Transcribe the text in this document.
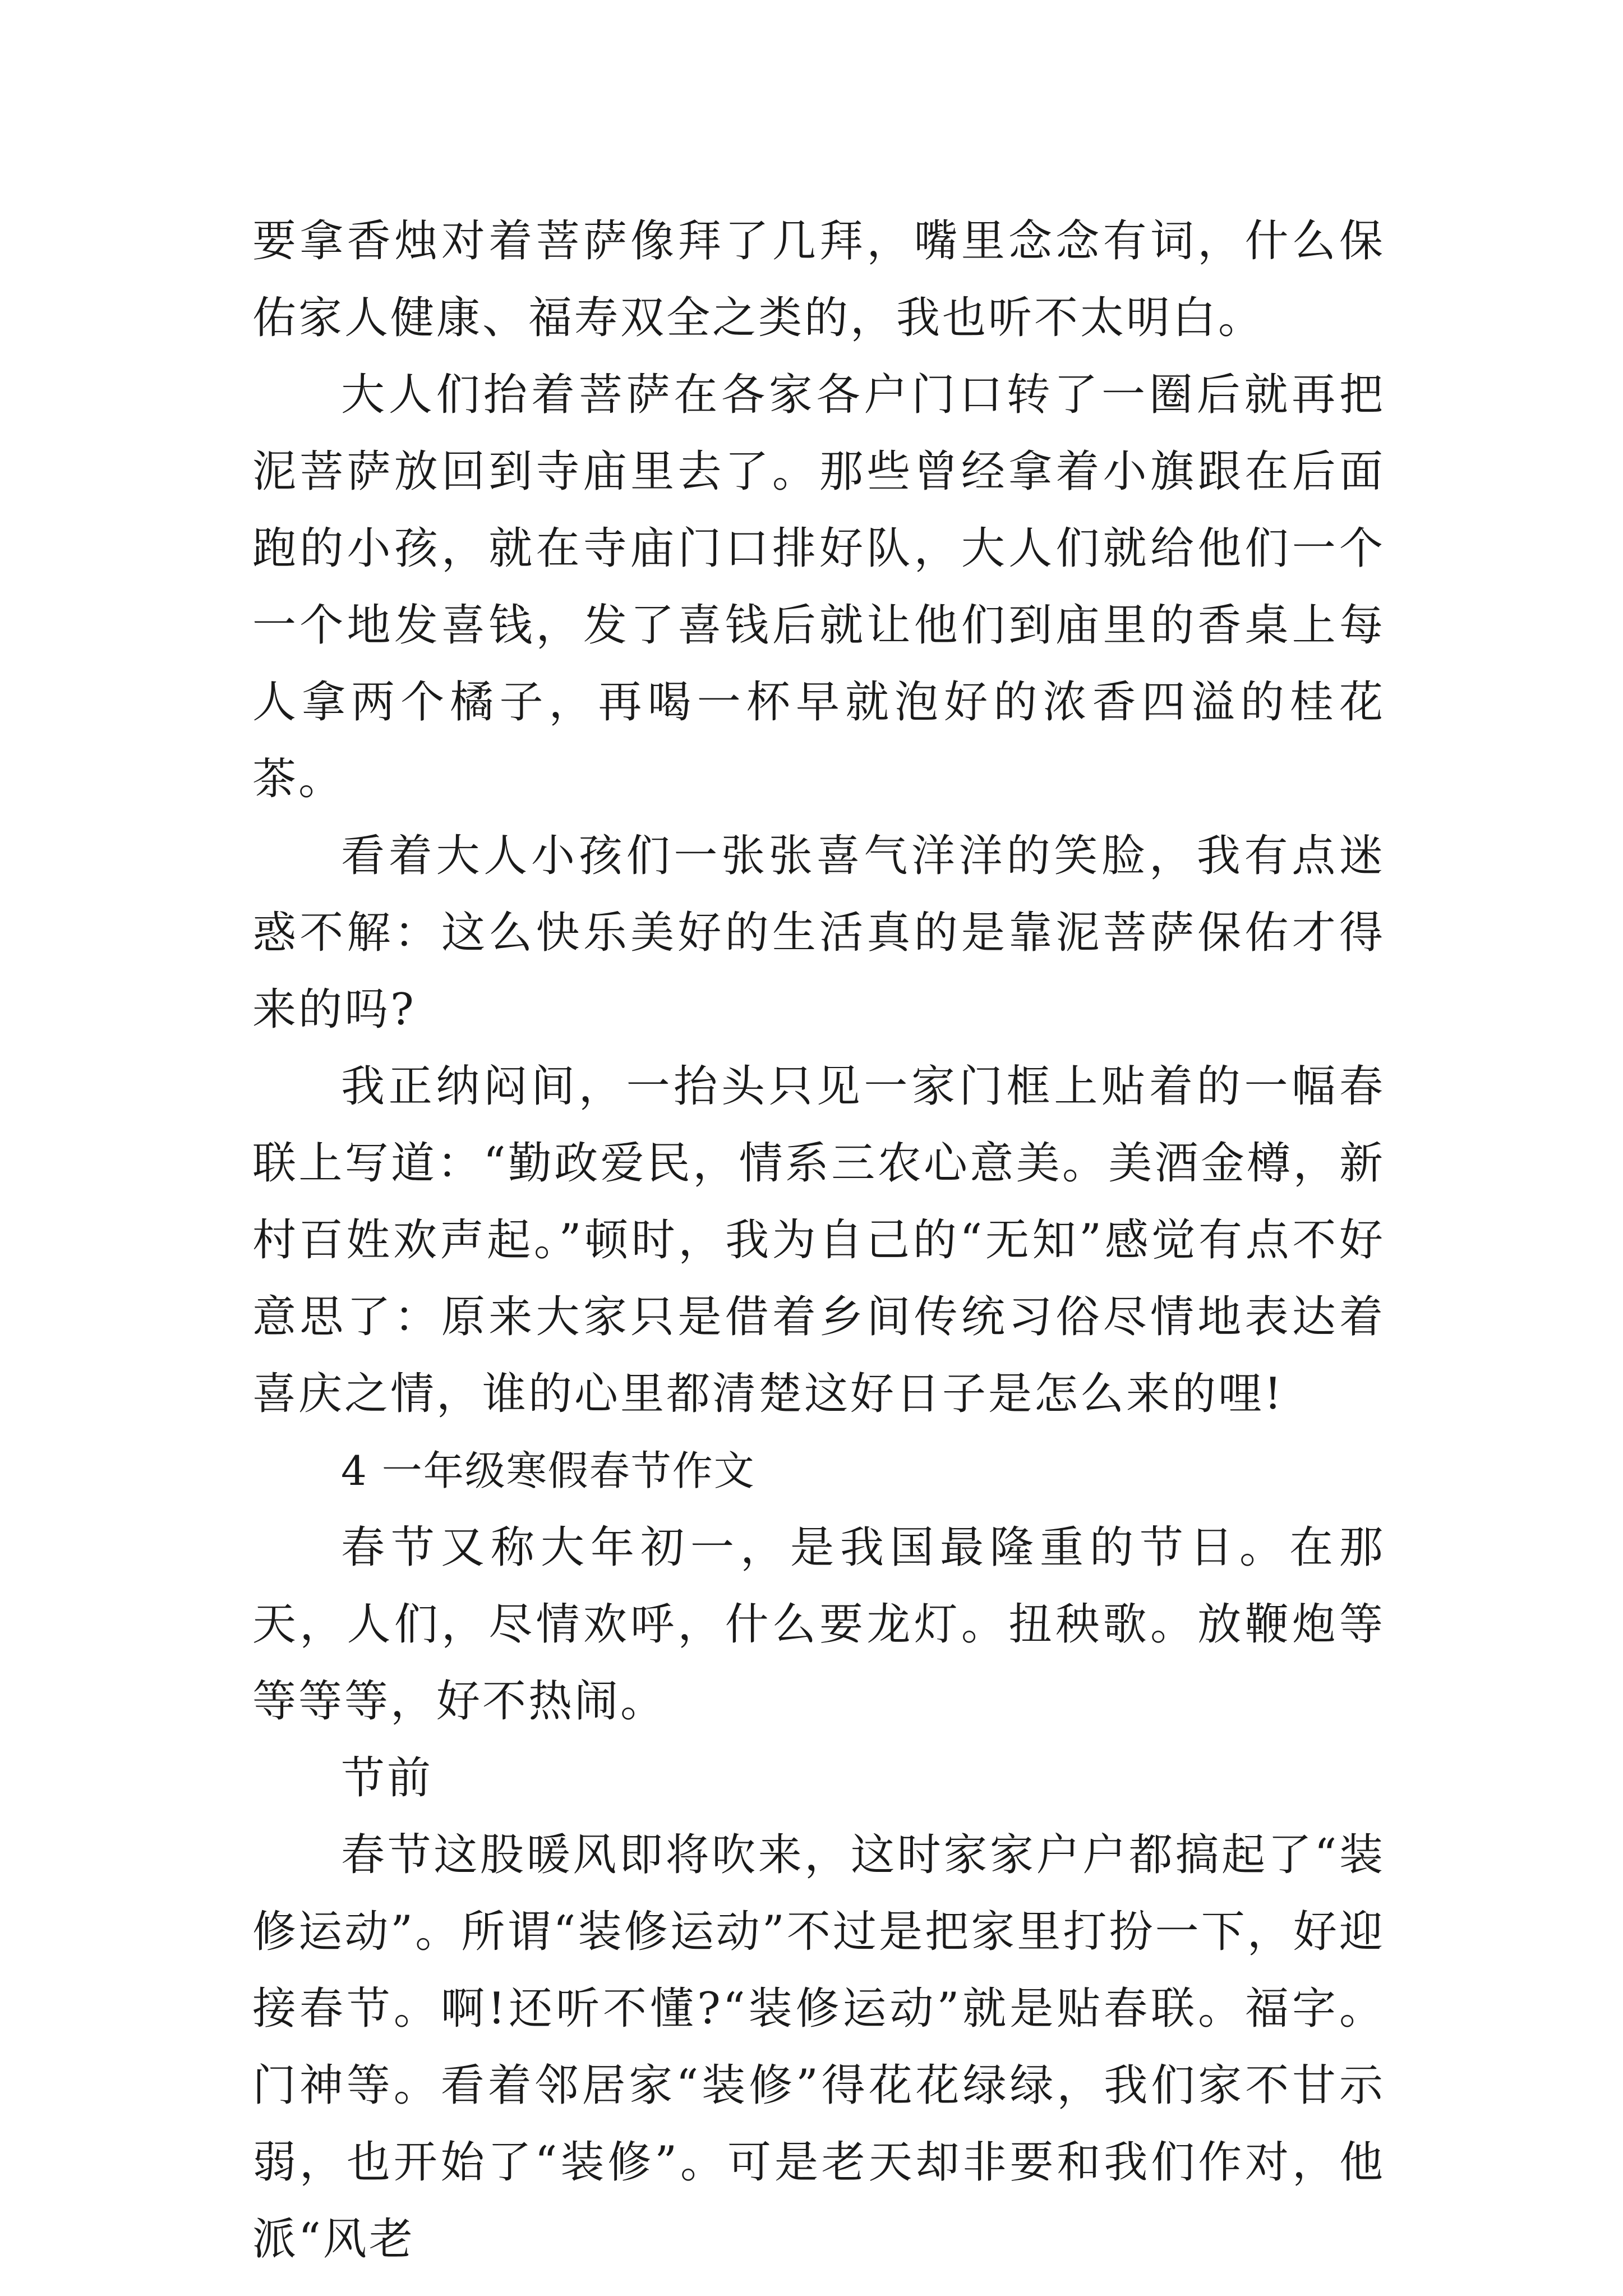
要拿香烛对着菩萨像拜了几拜，嘴里念念有词，什么保佑家人健康、福寿双全之类的，我也听不太明白。

大人们抬着菩萨在各家各户门口转了一圈后就再把泥菩萨放回到寺庙里去了。那些曾经拿着小旗跟在后面跑的小孩，就在寺庙门口排好队，大人们就给他们一个一个地发喜钱，发了喜钱后就让他们到庙里的香桌上每人拿两个橘子，再喝一杯早就泡好的浓香四溢的桂花茶。

看着大人小孩们一张张喜气洋洋的笑脸，我有点迷惑不解：这么快乐美好的生活真的是靠泥菩萨保佑才得来的吗?

我正纳闷间，一抬头只见一家门框上贴着的一幅春联上写道：“勤政爱民，情系三农心意美。美酒金樽，新村百姓欢声起。”顿时，我为自己的“无知”感觉有点不好意思了：原来大家只是借着乡间传统习俗尽情地表达着喜庆之情，谁的心里都清楚这好日子是怎么来的哩!

4 一年级寒假春节作文

春节又称大年初一，是我国最隆重的节日。在那天，人们，尽情欢呼，什么要龙灯。扭秧歌。放鞭炮等等等等，好不热闹。

节前

春节这股暖风即将吹来，这时家家户户都搞起了“装修运动”。所谓“装修运动”不过是把家里打扮一下，好迎接春节。啊!还听不懂?“装修运动”就是贴春联。福字。门神等。看着邻居家“装修”得花花绿绿，我们家不甘示弱，也开始了“装修”。可是老天却非要和我们作对，他派“风老
